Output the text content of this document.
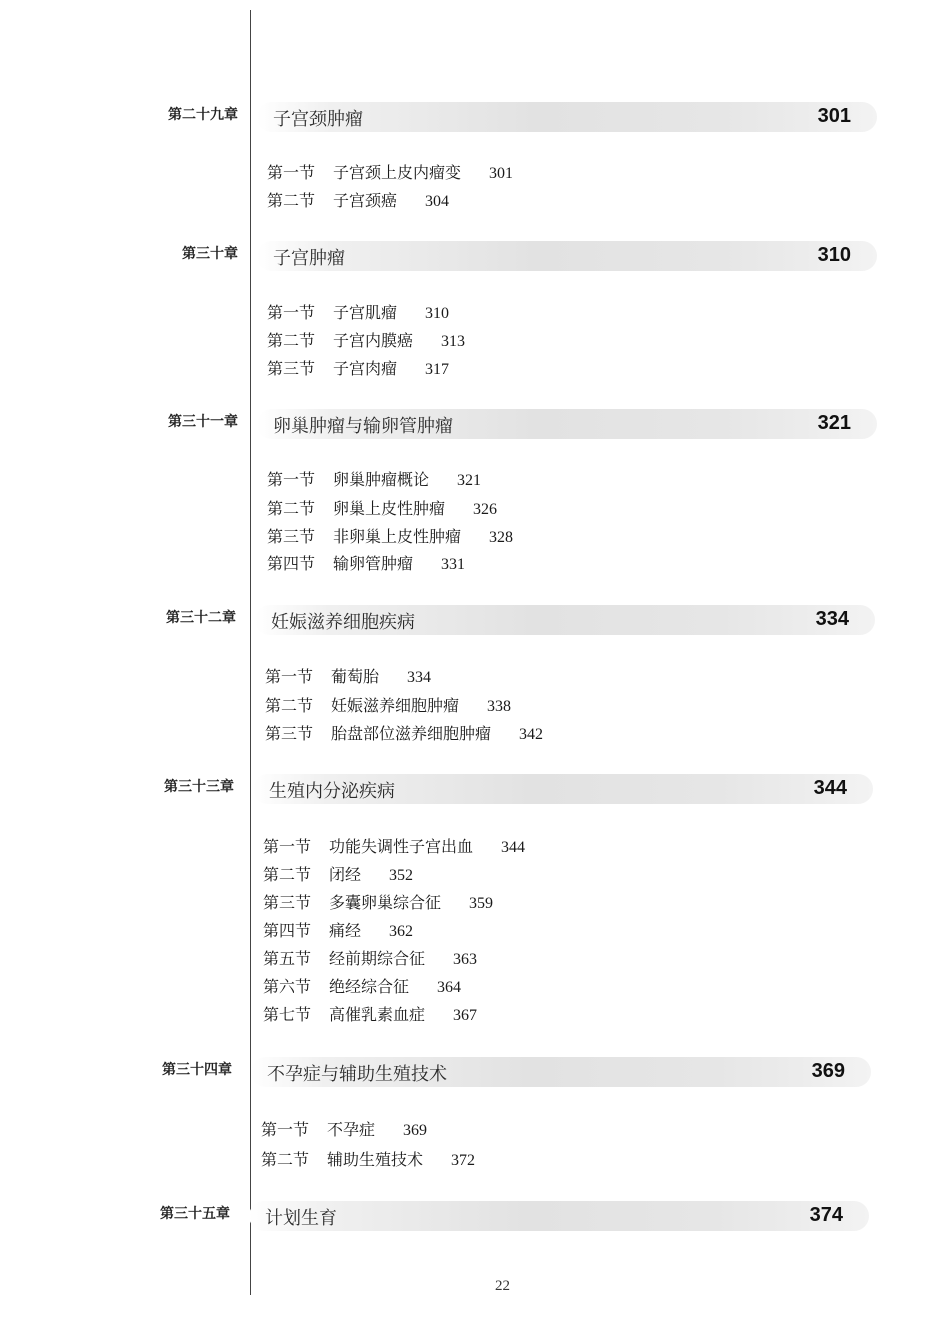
第二十九章 子宫颈肿瘤	301
第一节 子宫颈上皮内瘤变 301
第二节 子宫颈癌 304
第三十章 子宫肿瘤	310
第一节 子宫肌瘤 310
第二节 子宫内膜癌 313
第三节 子宫肉瘤 317
第三十一章 卵巢肿瘤与输卵管肿瘤	321
第一节 卵巢肿瘤概论 321
第二节 卵巢上皮性肿瘤 326
第三节 非卵巢上皮性肿瘤 328
第四节 输卵管肿瘤 331
第三十二章 妊娠滋养细胞疾病	334
第一节 葡萄胎 334
第二节 妊娠滋养细胞肿瘤 338
第三节 胎盘部位滋养细胞肿瘤 342
第三十三章 生殖内分泌疾病	344
第一节 功能失调性子宫出血 344
第二节 闭经 352
第三节 多囊卵巢综合征 359
第四节 痛经 362
第五节 经前期综合征 363
第六节 绝经综合征 364
第七节 高催乳素血症 367
第三十四章 不孕症与辅助生殖技术	369
第一节 不孕症 369
第二节 辅助生殖技术 372
第三十五章 计划生育	374
22
